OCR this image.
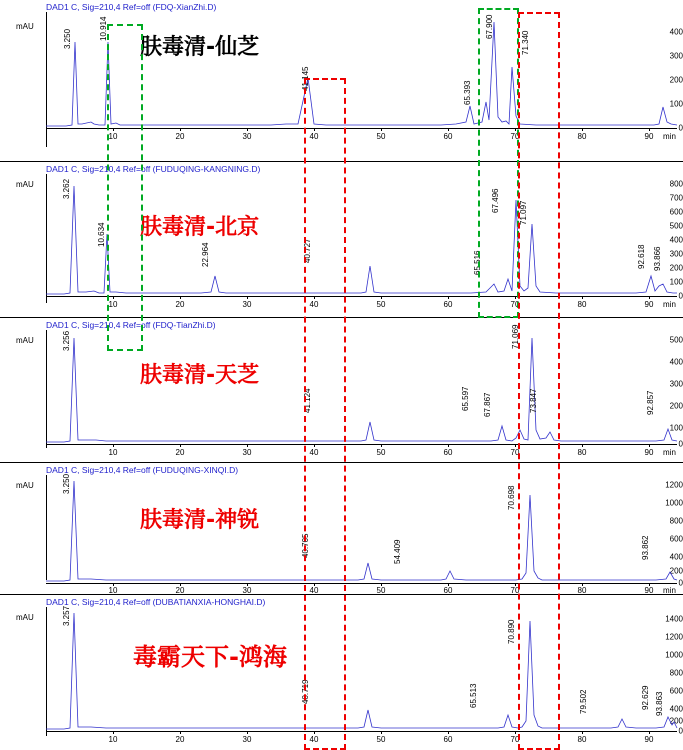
DAD1 C, Sig=210,4 Ref=off (FDQ-XianZhi.D)
mAU
400
300
200
100
0
10	20	30	40	50	60	70	80	90 min
3.250	10.914
41.145
65.393
67.900
71.340
肤毒清-仙芝
DAD1 C, Sig=210,4 Ref=off (FUDUQING-KANGNING.D)
mAU	800
700
600
500
400
300
200
100
0
10	20	30	40	50	60	70	80	90 min
3.262
10.634
22.964	40.727	65.516
67.496 71.097
92.618 93.866
肤毒清-北京
DAD1 C, Sig=210,4 Ref=off (FDQ-TianZhi.D)
mAU	500
400
300
200
100
0
10	20	30	40	50	60	70	80	90 min
3.256
41.124	65.597 67.867
71.069
73.847	92.857
肤毒清-天芝
DAD1 C, Sig=210,4 Ref=off (FUDUQING-XINQI.D)
mAU	1200
1000
800
600
400
200
0
10	20	30	40	50	60	70	80	90 min
3.250
40.705	54.409
70.698
93.862
肤毒清-神锐
DAD1 C, Sig=210,4 Ref=off (DUBATIANXIA-HONGHAI.D)
mAU	1400
1200
1000
800
600
400
200
0
10	20	30	40	50	60	70	80	90
3.257
40.719	65.513
70.890
79.502	92.629 93.863
毒霸天下-鸿海
